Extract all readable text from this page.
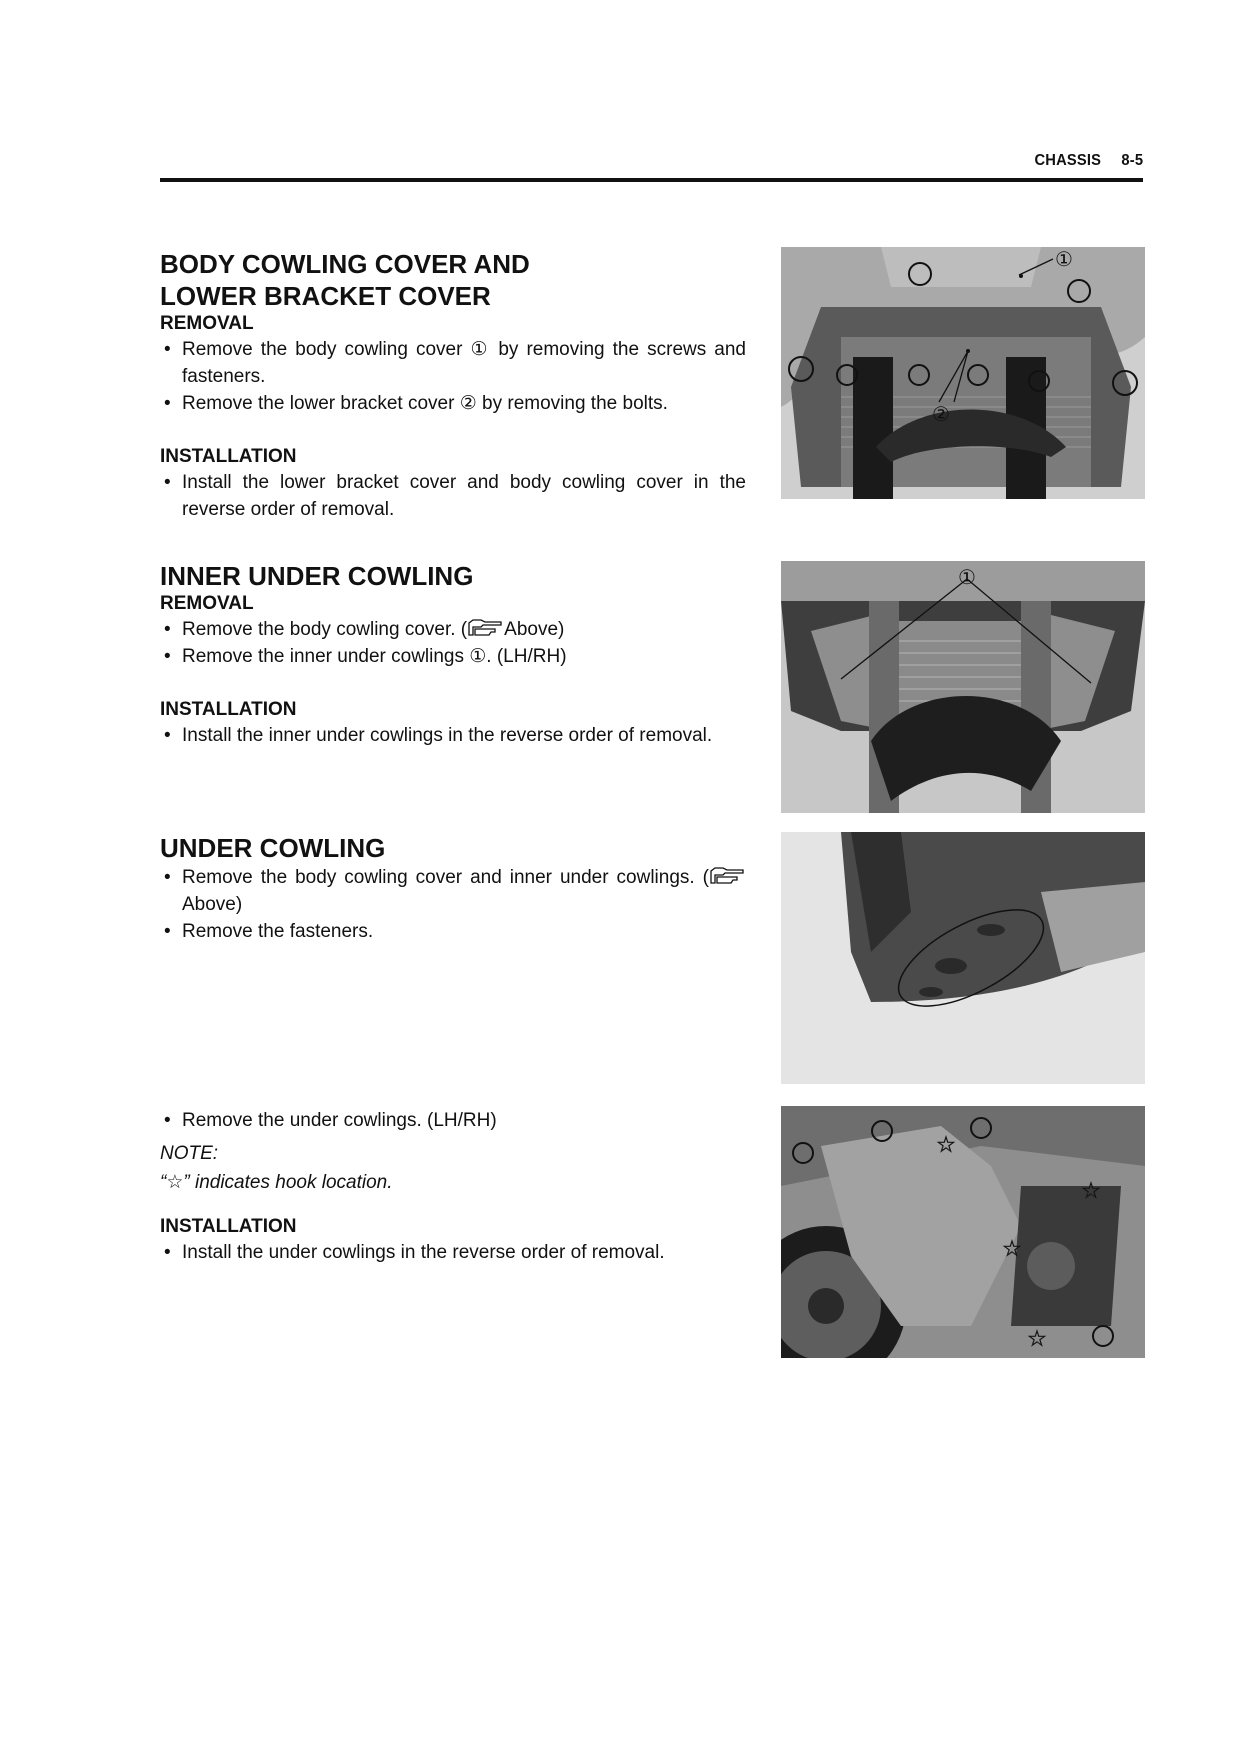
CHASSIS 8-5
BODY COWLING COVER AND
LOWER BRACKET COVER
REMOVAL
• Remove the body cowling cover ① by removing the screws and fasteners.
• Remove the lower bracket cover ② by removing the bolts.
INSTALLATION
• Install the lower bracket cover and body cowling cover in the reverse order of removal.
INNER UNDER COWLING
REMOVAL
• Remove the body cowling cover. ( Above)
• Remove the inner under cowlings ①. (LH/RH)
INSTALLATION
• Install the inner under cowlings in the reverse order of removal.
UNDER COWLING
• Remove the body cowling cover and inner under cowlings. (Above)
• Remove the fasteners.
• Remove the under cowlings. (LH/RH)
NOTE:
“☆” indicates hook location.
INSTALLATION
• Install the under cowlings in the reverse order of removal.
①
②
①
☆
☆
☆
☆
